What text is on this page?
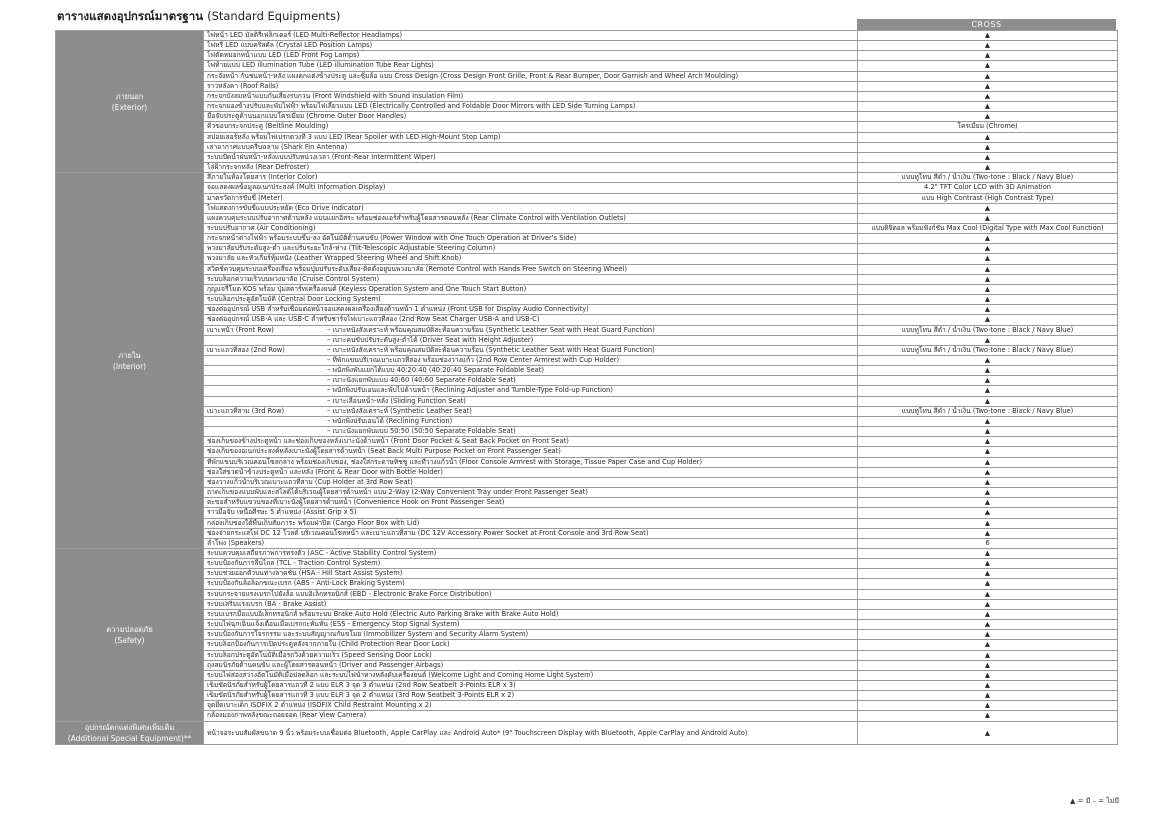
ตารางแสดงอุปกรณ์มาตรฐาน (Standard Equipments)
CROSS
ภายนอก
(Exterior)	ไฟหน้า LED มัลติรีเฟล็กเตอร์ (LED Multi-Reflector Headlamps)	▲
	ไฟหรี่ LED แบบคริสตัล (Crystal LED Position Lamps)	▲
	ไฟตัดหมอกหน้าแบบ LED (LED Front Fog Lamps)	▲
	ไฟท้ายแบบ LED illumination Tube (LED illumination Tube Rear Lights)	▲
	กระจังหน้า กันชนหน้า-หลัง แผงตกแต่งข้างประตู และซุ้มล้อ แบบ Cross Design (Cross Design Front Grille, Front & Rear Bumper, Door Garnish and Wheel Arch Moulding)	▲
	ราวหลังคา (Roof Rails)	▲
	กระจกบังลมหน้าแบบกันเสียงรบกวน (Front Windshield with Sound Insulation Film)	▲
	กระจกมองข้างปรับและพับไฟฟ้า พร้อมไฟเลี้ยวแบบ LED (Electrically Controlled and Foldable Door Mirrors with LED Side Turning Lamps)	▲
	มือจับประตูด้านนอกแบบโครเมียม (Chrome Outer Door Handles)	▲
	คิ้วขอบกระจกประตู (Beltline Moulding)	โครเมียม (Chrome)
	สปอยเลอร์หลัง พร้อมไฟเบรกดวงที่ 3 แบบ LED (Rear Spoiler with LED High-Mount Stop Lamp)	▲
	เสาอากาศแบบครีบฉลาม (Shark Fin Antenna)	▲
	ระบบปัดน้ำฝนหน้า-หลังแบบปรับหน่วงเวลา (Front-Rear Intermittent Wiper)	▲
	ไล่ฝ้ากระจกหลัง (Rear Defroster)	▲

ภายใน
(Interior)	สีภายในห้องโดยสาร (Interior Color)	แบบทูโทน สีดำ / น้ำเงิน (Two-tone : Black / Navy Blue)
	จอแสดงผลข้อมูลอเนกประสงค์ (Multi Information Display)	4.2" TFT Color LCD with 3D Animation
	มาตรวัดการขับขี่ (Meter)	แบบ High Contrast (High Contrast Type)
	ไฟแสดงการขับขี่แบบประหยัด (Eco Drive Indicator)	▲
	แผงควบคุมระบบปรับอากาศด้านหลัง แบบแยกอิสระ พร้อมช่องแอร์สำหรับผู้โดยสารตอนหลัง (Rear Climate Control with Ventilation Outlets)	▲
	ระบบปรับอากาศ (Air Conditioning)	แบบดิจิตอล พร้อมฟังก์ชัน Max Cool (Digital Type with Max Cool Function)
	กระจกหน้าต่างไฟฟ้า พร้อมระบบขึ้น-ลง อัตโนมัติด้านคนขับ (Power Window with One Touch Operation at Driver's Side)	▲
	พวงมาลัยปรับระดับสูง-ต่ำ และปรับระยะใกล้-ห่าง (Tilt-Telescopic Adjustable Steering Column)	▲
	พวงมาลัย และหัวเกียร์หุ้มหนัง (Leather Wrapped Steering Wheel and Shift Knob)	▲
	สวิตช์ควบคุมระบบเครื่องเสียง พร้อมปุ่มปรับระดับเสียง-ติดตั้งอยู่บนพวงมาลัย (Remote Control with Hands Free Switch on Steering Wheel)	▲
	ระบบล็อกความเร็วบนพวงมาลัย (Cruise Control System)	▲
	กุญแจรีโมต KOS พร้อม ปุ่มสตาร์ทเครื่องยนต์ (Keyless Operation System and One Touch Start Button)	▲
	ระบบล็อกประตูอัตโนมัติ (Central Door Locking System)	▲
	ช่องต่ออุปกรณ์ USB สำหรับเชื่อมต่อหน้าจอแสดงผลเครื่องเสียงด้านหน้า 1 ตำแหน่ง (Front USB for Display Audio Connectivity)	▲
	ช่องต่ออุปกรณ์ USB-A และ USB-C สำหรับชาร์จไฟเบาะแถวที่สอง (2nd Row Seat Charger USB-A and USB-C)	▲

	เบาะหน้า (Front Row) – เบาะหนังสังเคราะห์ พร้อมคุณสมบัติสะท้อนความร้อน (Synthetic Leather Seat with Heat Guard Function)	แบบทูโทน สีดำ / น้ำเงิน (Two-tone : Black / Navy Blue)

	– เบาะคนขับปรับระดับสูง-ต่ำได้ (Driver Seat with Height Adjuster)	▲

	เบาะแถวที่สอง (2nd Row) – เบาะหนังสังเคราะห์ พร้อมคุณสมบัติสะท้อนความร้อน (Synthetic Leather Seat with Heat Guard Function)	แบบทูโทน สีดำ / น้ำเงิน (Two-tone : Black / Navy Blue)

	– ที่พักแขนบริเวณเบาะแถวที่สอง พร้อมช่องวางแก้ว (2nd Row Center Armrest with Cup Holder)	▲

	– พนักพิงพับแยกได้แบบ 40:20:40 (40:20:40 Separate Foldable Seat)	▲

	– เบาะนั่งแยกพับแบบ 40:60 (40:60 Separate Foldable Seat)	▲

	– พนักพิงปรับเอนและพับไปด้านหน้า (Reclining Adjuster and Tumble-Type Fold-up Function)	▲

	– เบาะเลื่อนหน้า-หลัง (Sliding Function Seat)	▲

	เบาะแถวที่สาม (3rd Row) – เบาะหนังสังเคราะห์ (Synthetic Leather Seat)	แบบทูโทน สีดำ / น้ำเงิน (Two-tone : Black / Navy Blue)

	– พนักพิงปรับเอนได้ (Reclining Function)	▲

	– เบาะนั่งแยกพับแบบ 50:50 (50:50 Separate Foldable Seat)	▲
	ช่องเก็บของข้างประตูหน้า และช่องเก็บของหลังเบาะนั่งด้านหน้า (Front Door Pocket & Seat Back Pocket on Front Seat)	▲
	ช่องเก็บของอเนกประสงค์หลังเบาะนั่งผู้โดยสารด้านหน้า (Seat Back Multi Purpose Pocket on Front Passenger Seat)	▲
	ที่พักแขนบริเวณคอนโซลกลาง พร้อมช่องเก็บของ, ช่องใส่กระดาษทิชชู และที่วางแก้วน้ำ (Floor Console Armrest with Storage, Tissue Paper Case and Cup Holder)	▲
	ช่องใส่ขวดน้ำข้างประตูหน้า และหลัง (Front & Rear Door with Bottle Holder)	▲
	ช่องวางแก้วน้ำบริเวณเบาะแถวที่สาม (Cup Holder at 3rd Row Seat)	▲
	ถาดเก็บของแบบพับและสไลด์ได้บริเวณผู้โดยสารด้านหน้า แบบ 2-Way (2-Way Convenient Tray under Front Passenger Seat)	▲
	ตะขอสำหรับแขวนของที่เบาะนั่งผู้โดยสารด้านหน้า (Convenience Hook on Front Passenger Seat)	▲
	ราวมือจับ เหนือศีรษะ 5 ตำแหน่ง (Assist Grip x 5)	▲
	กล่องเก็บของใต้พื้นเก็บสัมภาระ พร้อมฝาปิด (Cargo Floor Box with Lid)	▲
	ช่องจ่ายกระแสไฟ DC 12 โวลต์ บริเวณคอนโซลหน้า และเบาะแถวที่สาม (DC 12V Accessory Power Socket at Front Console and 3rd Row Seat)	▲
	ลำโพง (Speakers)	6

ความปลอดภัย
(Safety)	ระบบควบคุมเสถียรภาพการทรงตัว (ASC - Active Stability Control System)	▲
	ระบบป้องกันการลื่นไถล (TCL - Traction Control System)	▲
	ระบบช่วยออกตัวบนทางลาดชัน (HSA - Hill Start Assist System)	▲
	ระบบป้องกันล้อล็อกขณะเบรก (ABS - Anti-Lock Braking System)	▲
	ระบบกระจายแรงเบรกไปยังล้อ แบบอิเล็กทรอนิกส์ (EBD - Electronic Brake Force Distribution)	▲
	ระบบเสริมแรงเบรก (BA - Brake Assist)	▲
	ระบบเบรกมือแบบอิเล็กทรอนิกส์ พร้อมระบบ Brake Auto Hold (Electric Auto Parking Brake with Brake Auto Hold)	▲
	ระบบไฟฉุกเฉินแจ้งเตือนเมื่อเบรกกะทันหัน (ESS - Emergency Stop Signal System)	▲
	ระบบป้องกันการโจรกรรม และระบบสัญญาณกันขโมย (Immobilizer System and Security Alarm System)	▲
	ระบบล็อกป้องกันการเปิดประตูหลังจากภายใน (Child Protection Rear Door Lock)	▲
	ระบบล็อกประตูอัตโนมัติเมื่อรถวิ่งด้วยความเร็ว (Speed Sensing Door Lock)	▲
	ถุงลมนิรภัยด้านคนขับ และผู้โดยสารตอนหน้า (Driver and Passenger Airbags)	▲
	ระบบไฟส่องสว่างอัตโนมัติเมื่อปลดล็อก และระบบไฟนำทางหลังดับเครื่องยนต์ (Welcome Light and Coming Home Light System)	▲
	เข็มขัดนิรภัยสำหรับผู้โดยสารแถวที่ 2 แบบ ELR 3 จุด 3 ตำแหน่ง (2nd Row Seatbelt 3-Points ELR x 3)	▲
	เข็มขัดนิรภัยสำหรับผู้โดยสารแถวที่ 3 แบบ ELR 3 จุด 2 ตำแหน่ง (3rd Row Seatbelt 3-Points ELR x 2)	▲
	จุดยึดเบาะเด็ก ISOFIX 2 ตำแหน่ง (ISOFIX Child Restraint Mounting x 2)	▲
	กล้องมองภาพหลังขณะถอยจอด (Rear View Camera)	▲

อุปกรณ์ตกแต่งพิเศษเพิ่มเติม
(Additional Special Equipment)**	หน้าจอระบบสัมผัสขนาด 9 นิ้ว พร้อมระบบเชื่อมต่อ Bluetooth, Apple CarPlay และ Android Auto* (9" Touchscreen Display with Bluetooth, Apple CarPlay and Android Auto)	▲
▲ = มี – = ไม่มี
